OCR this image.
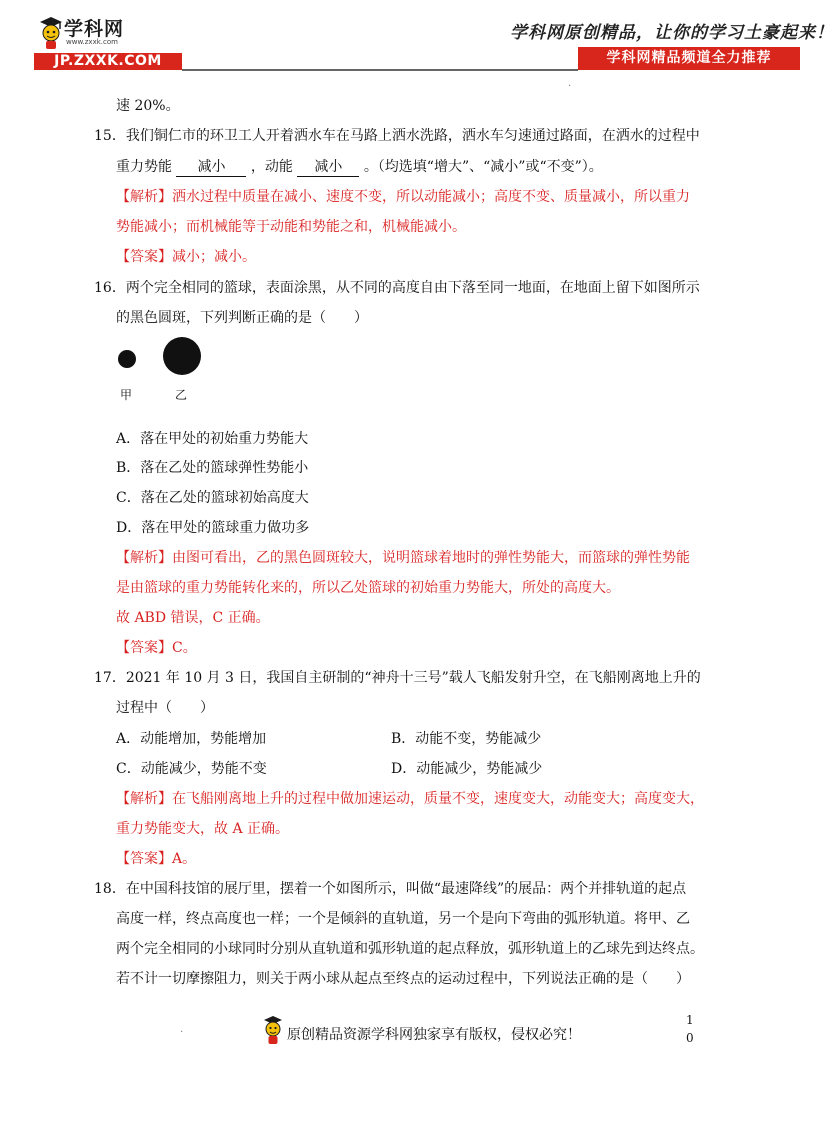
学科网
www.zxxk.com
JP.ZXXK.COM
学科网原创精品，让你的学习土豪起来！
学科网精品频道全力推荐
.
速 20%。
15．我们铜仁市的环卫工人开着洒水车在马路上洒水洗路，洒水车匀速通过路面，在洒水的过程中
重力势能 减小 ，动能 减小 。（均选填“增大”、“减小”或“不变”）。
【解析】洒水过程中质量在减小、速度不变，所以动能减小；高度不变、质量减小，所以重力
势能减小；而机械能等于动能和势能之和，机械能减小。
【答案】减小；减小。
16．两个完全相同的篮球，表面涂黑，从不同的高度自由下落至同一地面，在地面上留下如图所示
的黑色圆斑，下列判断正确的是（　　）
甲	乙
A．落在甲处的初始重力势能大
B．落在乙处的篮球弹性势能小
C．落在乙处的篮球初始高度大
D．落在甲处的篮球重力做功多
【解析】由图可看出，乙的黑色圆斑较大，说明篮球着地时的弹性势能大，而篮球的弹性势能
是由篮球的重力势能转化来的，所以乙处篮球的初始重力势能大，所处的高度大。
故 ABD 错误，C 正确。
【答案】C。
17．2021 年 10 月 3 日，我国自主研制的“神舟十三号”载人飞船发射升空，在飞船刚离地上升的
过程中（　　）
A．动能增加，势能增加	B．动能不变，势能减少
C．动能减少，势能不变	D．动能减少，势能减少
【解析】在飞船刚离地上升的过程中做加速运动，质量不变，速度变大，动能变大；高度变大，
重力势能变大，故 A 正确。
【答案】A。
18．在中国科技馆的展厅里，摆着一个如图所示，叫做“最速降线”的展品：两个并排轨道的起点
高度一样，终点高度也一样；一个是倾斜的直轨道，另一个是向下弯曲的弧形轨道。将甲、乙
两个完全相同的小球同时分别从直轨道和弧形轨道的起点释放，弧形轨道上的乙球先到达终点。
若不计一切摩擦阻力，则关于两小球从起点至终点的运动过程中，下列说法正确的是（　　）
.	原创精品资源学科网独家享有版权，侵权必究！
1
0
